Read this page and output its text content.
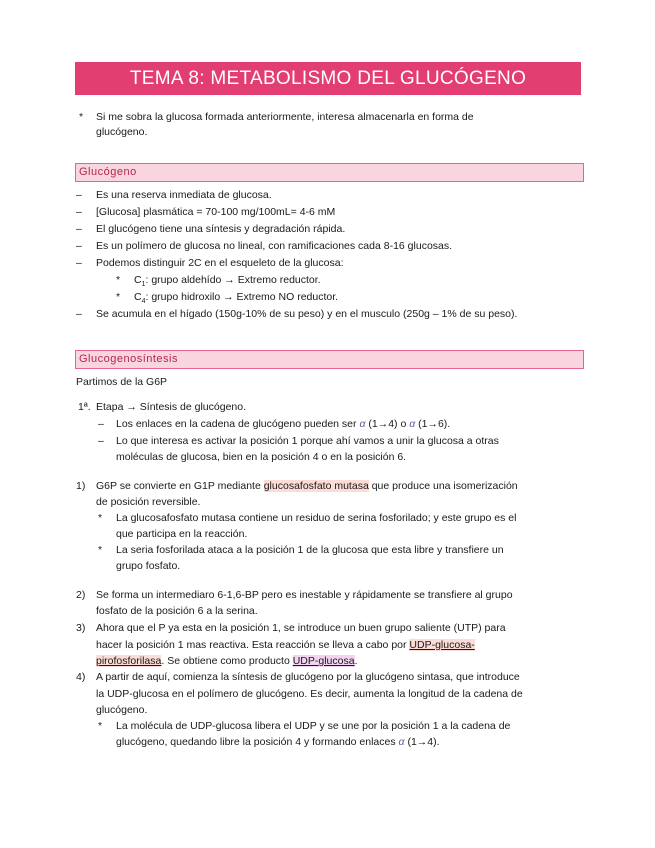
TEMA 8: METABOLISMO DEL GLUCÓGENO
* Si me sobra la glucosa formada anteriormente, interesa almacenarla en forma de
glucógeno.
Glucógeno
– Es una reserva inmediata de glucosa.
– [Glucosa] plasmática = 70-100 mg/100mL= 4-6 mM
– El glucógeno tiene una síntesis y degradación rápida.
– Es un polímero de glucosa no lineal, con ramificaciones cada 8-16 glucosas.
– Podemos distinguir 2C en el esqueleto de la glucosa:
* $C_1$: grupo aldehído → Extremo reductor.
* $C_4$: grupo hidroxilo → Extremo NO reductor.
– Se acumula en el hígado (150g-10% de su peso) y en el musculo (250g – 1% de su peso).
Glucogenosíntesis
Partimos de la G6P
1ª. Etapa → Síntesis de glucógeno.
– Los enlaces en la cadena de glucógeno pueden ser α (1→4) o α (1→6).
– Lo que interesa es activar la posición 1 porque ahí vamos a unir la glucosa a otras
moléculas de glucosa, bien en la posición 4 o en la posición 6.
1) G6P se convierte en G1P mediante glucosafosfato mutasa que produce una isomerización
de posición reversible.
* La glucosafosfato mutasa contiene un residuo de serina fosforilado; y este grupo es el
que participa en la reacción.
* La seria fosforilada ataca a la posición 1 de la glucosa que esta libre y transfiere un
grupo fosfato.
2) Se forma un intermediaro 6-1,6-BP pero es inestable y rápidamente se transfiere al grupo
fosfato de la posición 6 a la serina.
3) Ahora que el P ya esta en la posición 1, se introduce un buen grupo saliente (UTP) para
hacer la posición 1 mas reactiva. Esta reacción se lleva a cabo por UDP-glucosa-
pirofosforilasa. Se obtiene como producto UDP-glucosa.
4) A partir de aquí, comienza la síntesis de glucógeno por la glucógeno sintasa, que introduce
la UDP-glucosa en el polímero de glucógeno. Es decir, aumenta la longitud de la cadena de
glucógeno.
* La molécula de UDP-glucosa libera el UDP y se une por la posición 1 a la cadena de
glucógeno, quedando libre la posición 4 y formando enlaces α (1→4).
